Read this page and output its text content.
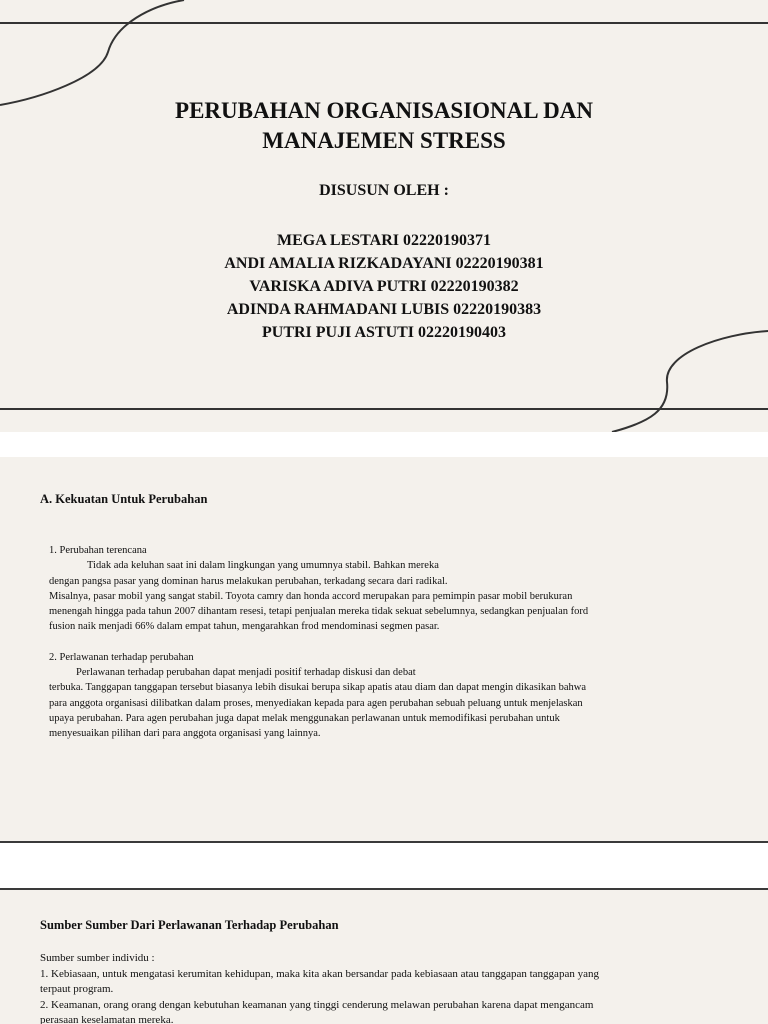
PERUBAHAN ORGANISASIONAL DAN
MANAJEMEN STRESS
DISUSUN OLEH :
MEGA LESTARI 02220190371
ANDI AMALIA RIZKADAYANI 02220190381
VARISKA ADIVA PUTRI 02220190382
ADINDA RAHMADANI LUBIS 02220190383
PUTRI PUJI ASTUTI 02220190403
A. Kekuatan Untuk Perubahan

1. Perubahan terencana

Tidak ada keluhan saat ini dalam lingkungan yang umumnya stabil. Bahkan mereka

dengan pangsa pasar yang dominan harus melakukan perubahan, terkadang secara dari radikal.

Misalnya, pasar mobil yang sangat stabil. Toyota camry dan honda accord merupakan para pemimpin pasar mobil berukuran

menengah hingga pada tahun 2007 dihantam resesi, tetapi penjualan mereka tidak sekuat sebelumnya, sedangkan penjualan ford

fusion naik menjadi 66% dalam empat tahun, mengarahkan frod mendominasi segmen pasar.

2. Perlawanan terhadap perubahan

Perlawanan terhadap perubahan dapat menjadi positif terhadap diskusi dan debat

terbuka. Tanggapan tanggapan tersebut biasanya lebih disukai berupa sikap apatis atau diam dan dapat mengin dikasikan bahwa

para anggota organisasi dilibatkan dalam proses, menyediakan kepada para agen perubahan sebuah peluang untuk menjelaskan

upaya perubahan. Para agen perubahan juga dapat melak menggunakan perlawanan untuk memodifikasi perubahan untuk

menyesuaikan pilihan dari para anggota organisasi yang lainnya.

Sumber Sumber Dari Perlawanan Terhadap Perubahan

Sumber sumber individu :

1. Kebiasaan, untuk mengatasi kerumitan kehidupan, maka kita akan bersandar pada kebiasaan atau tanggapan tanggapan yang

terpaut program.

2. Keamanan, orang orang dengan kebutuhan keamanan yang tinggi cenderung melawan perubahan karena dapat mengancam

perasaan keselamatan mereka.
